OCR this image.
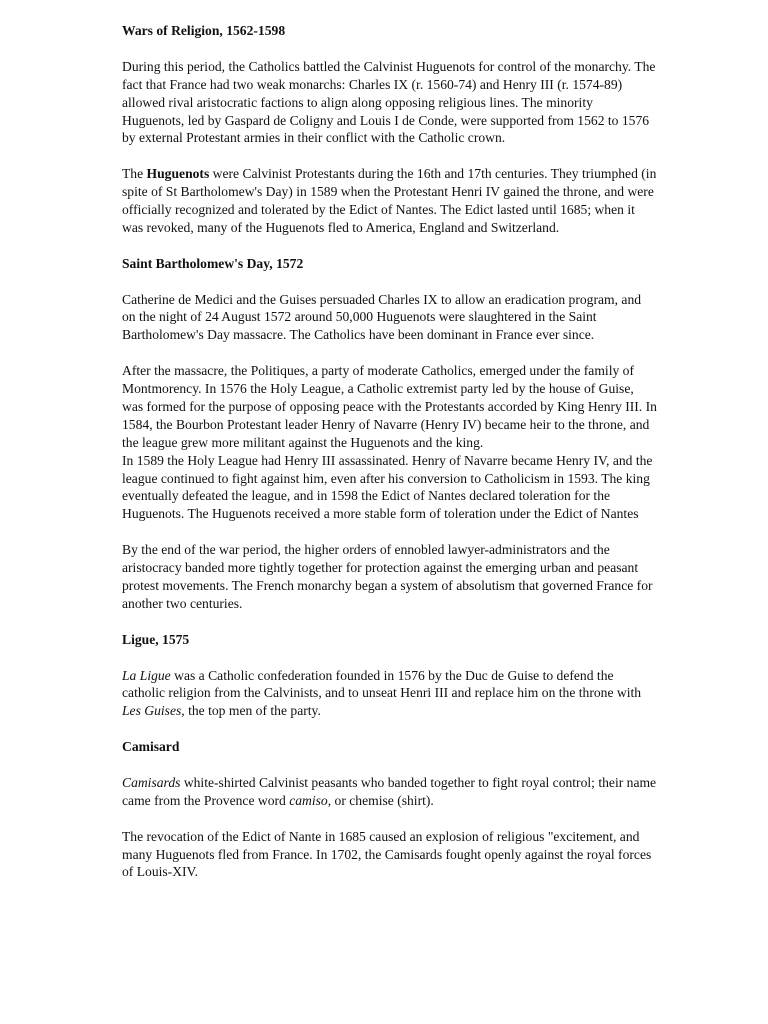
Wars of Religion, 1562-1598

During this period, the Catholics battled the Calvinist Huguenots for control of the monarchy. The fact that France had two weak monarchs: Charles IX (r. 1560-74) and Henry III (r. 1574-89) allowed rival aristocratic factions to align along opposing religious lines. The minority Huguenots, led by Gaspard de Coligny and Louis I de Conde, were supported from 1562 to 1576 by external Protestant armies in their conflict with the Catholic crown.

The Huguenots were Calvinist Protestants during the 16th and 17th centuries. They triumphed (in spite of St Bartholomew's Day) in 1589 when the Protestant Henri IV gained the throne, and were officially recognized and tolerated by the Edict of Nantes. The Edict lasted until 1685; when it was revoked, many of the Huguenots fled to America, England and Switzerland.

Saint Bartholomew's Day, 1572

Catherine de Medici and the Guises persuaded Charles IX to allow an eradication program, and on the night of 24 August 1572 around 50,000 Huguenots were slaughtered in the Saint Bartholomew's Day massacre. The Catholics have been dominant in France ever since.

After the massacre, the Politiques, a party of moderate Catholics, emerged under the family of Montmorency. In 1576 the Holy League, a Catholic extremist party led by the house of Guise, was formed for the purpose of opposing peace with the Protestants accorded by King Henry III. In 1584, the Bourbon Protestant leader Henry of Navarre (Henry IV) became heir to the throne, and the league grew more militant against the Huguenots and the king.

In 1589 the Holy League had Henry III assassinated. Henry of Navarre became Henry IV, and the league continued to fight against him, even after his conversion to Catholicism in 1593. The king eventually defeated the league, and in 1598 the Edict of Nantes declared toleration for the Huguenots. The Huguenots received a more stable form of toleration under the Edict of Nantes

By the end of the war period, the higher orders of ennobled lawyer-administrators and the aristocracy banded more tightly together for protection against the emerging urban and peasant protest movements. The French monarchy began a system of absolutism that governed France for another two centuries.

Ligue, 1575

La Ligue was a Catholic confederation founded in 1576 by the Duc de Guise to defend the catholic religion from the Calvinists, and to unseat Henri III and replace him on the throne with Les Guises, the top men of the party.

Camisard

Camisards white-shirted Calvinist peasants who banded together to fight royal control; their name came from the Provence word camiso, or chemise (shirt).

The revocation of the Edict of Nante in 1685 caused an explosion of religious "excitement, and many Huguenots fled from France. In 1702, the Camisards fought openly against the royal forces of Louis-XIV.
